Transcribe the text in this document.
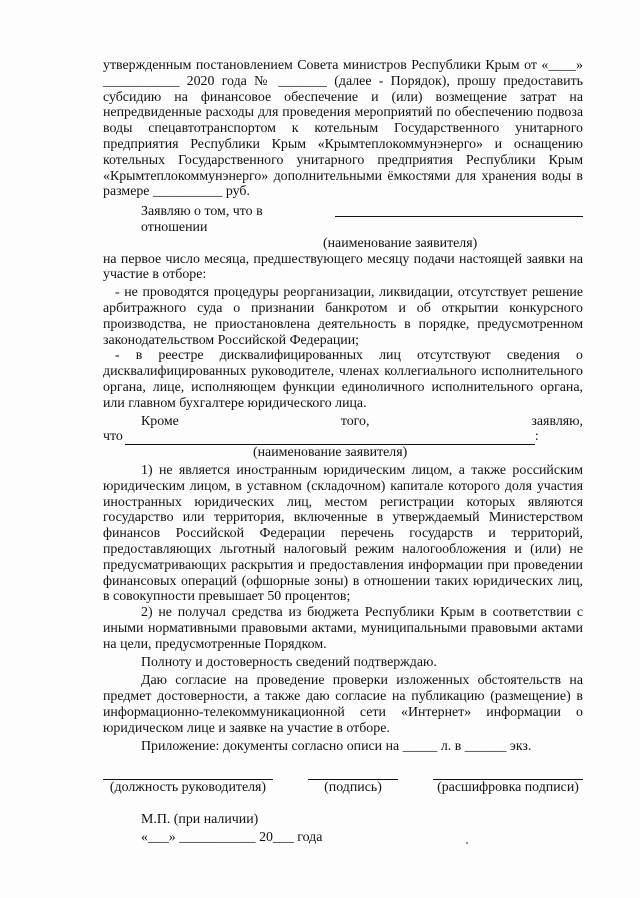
утвержденным постановлением Совета министров Республики Крым от «____» ___________ 2020 года № _______ (далее - Порядок), прошу предоставить субсидию на финансовое обеспечение и (или) возмещение затрат на непредвиденные расходы для проведения мероприятий по обеспечению подвоза воды спецавтотранспортом к котельным Государственного унитарного предприятия Республики Крым «Крымтеплокоммунэнерго» и оснащению котельных Государственного унитарного предприятия Республики Крым «Крымтеплокоммунэнерго» дополнительными ёмкостями для хранения воды в размере __________ руб.

Заявляю о том, что в отношении

(наименование заявителя)

на первое число месяца, предшествующего месяцу подачи настоящей заявки на участие в отборе:

- не проводятся процедуры реорганизации, ликвидации, отсутствует решение арбитражного суда о признании банкротом и об открытии конкурсного производства, не приостановлена деятельность в порядке, предусмотренном законодательством Российской Федерации;

- в реестре дисквалифицированных лиц отсутствуют сведения о дисквалифицированных руководителе, членах коллегиального исполнительного органа, лице, исполняющем функции единоличного исполнительного органа, или главном бухгалтере юридического лица.

Кроме	того,	заявляю,
что	:

(наименование заявителя)

1) не является иностранным юридическим лицом, а также российским юридическим лицом, в уставном (складочном) капитале которого доля участия иностранных юридических лиц, местом регистрации которых являются государство или территория, включенные в утверждаемый Министерством финансов Российской Федерации перечень государств и территорий, предоставляющих льготный налоговый режим налогообложения и (или) не предусматривающих раскрытия и предоставления информации при проведении финансовых операций (офшорные зоны) в отношении таких юридических лиц, в совокупности превышает 50 процентов;

2) не получал средства из бюджета Республики Крым в соответствии с иными нормативными правовыми актами, муниципальными правовыми актами на цели, предусмотренные Порядком.

Полноту и достоверность сведений подтверждаю.

Даю согласие на проведение проверки изложенных обстоятельств на предмет достоверности, а также даю согласие на публикацию (размещение) в информационно-телекоммуникационной сети «Интернет» информации о юридическом лице и заявке на участие в отборе.

Приложение: документы согласно описи на _____ л. в ______ экз.

(должность руководителя)	(подпись)	(расшифровка подписи)
М.П. (при наличии)
«___» ___________ 20___ года
